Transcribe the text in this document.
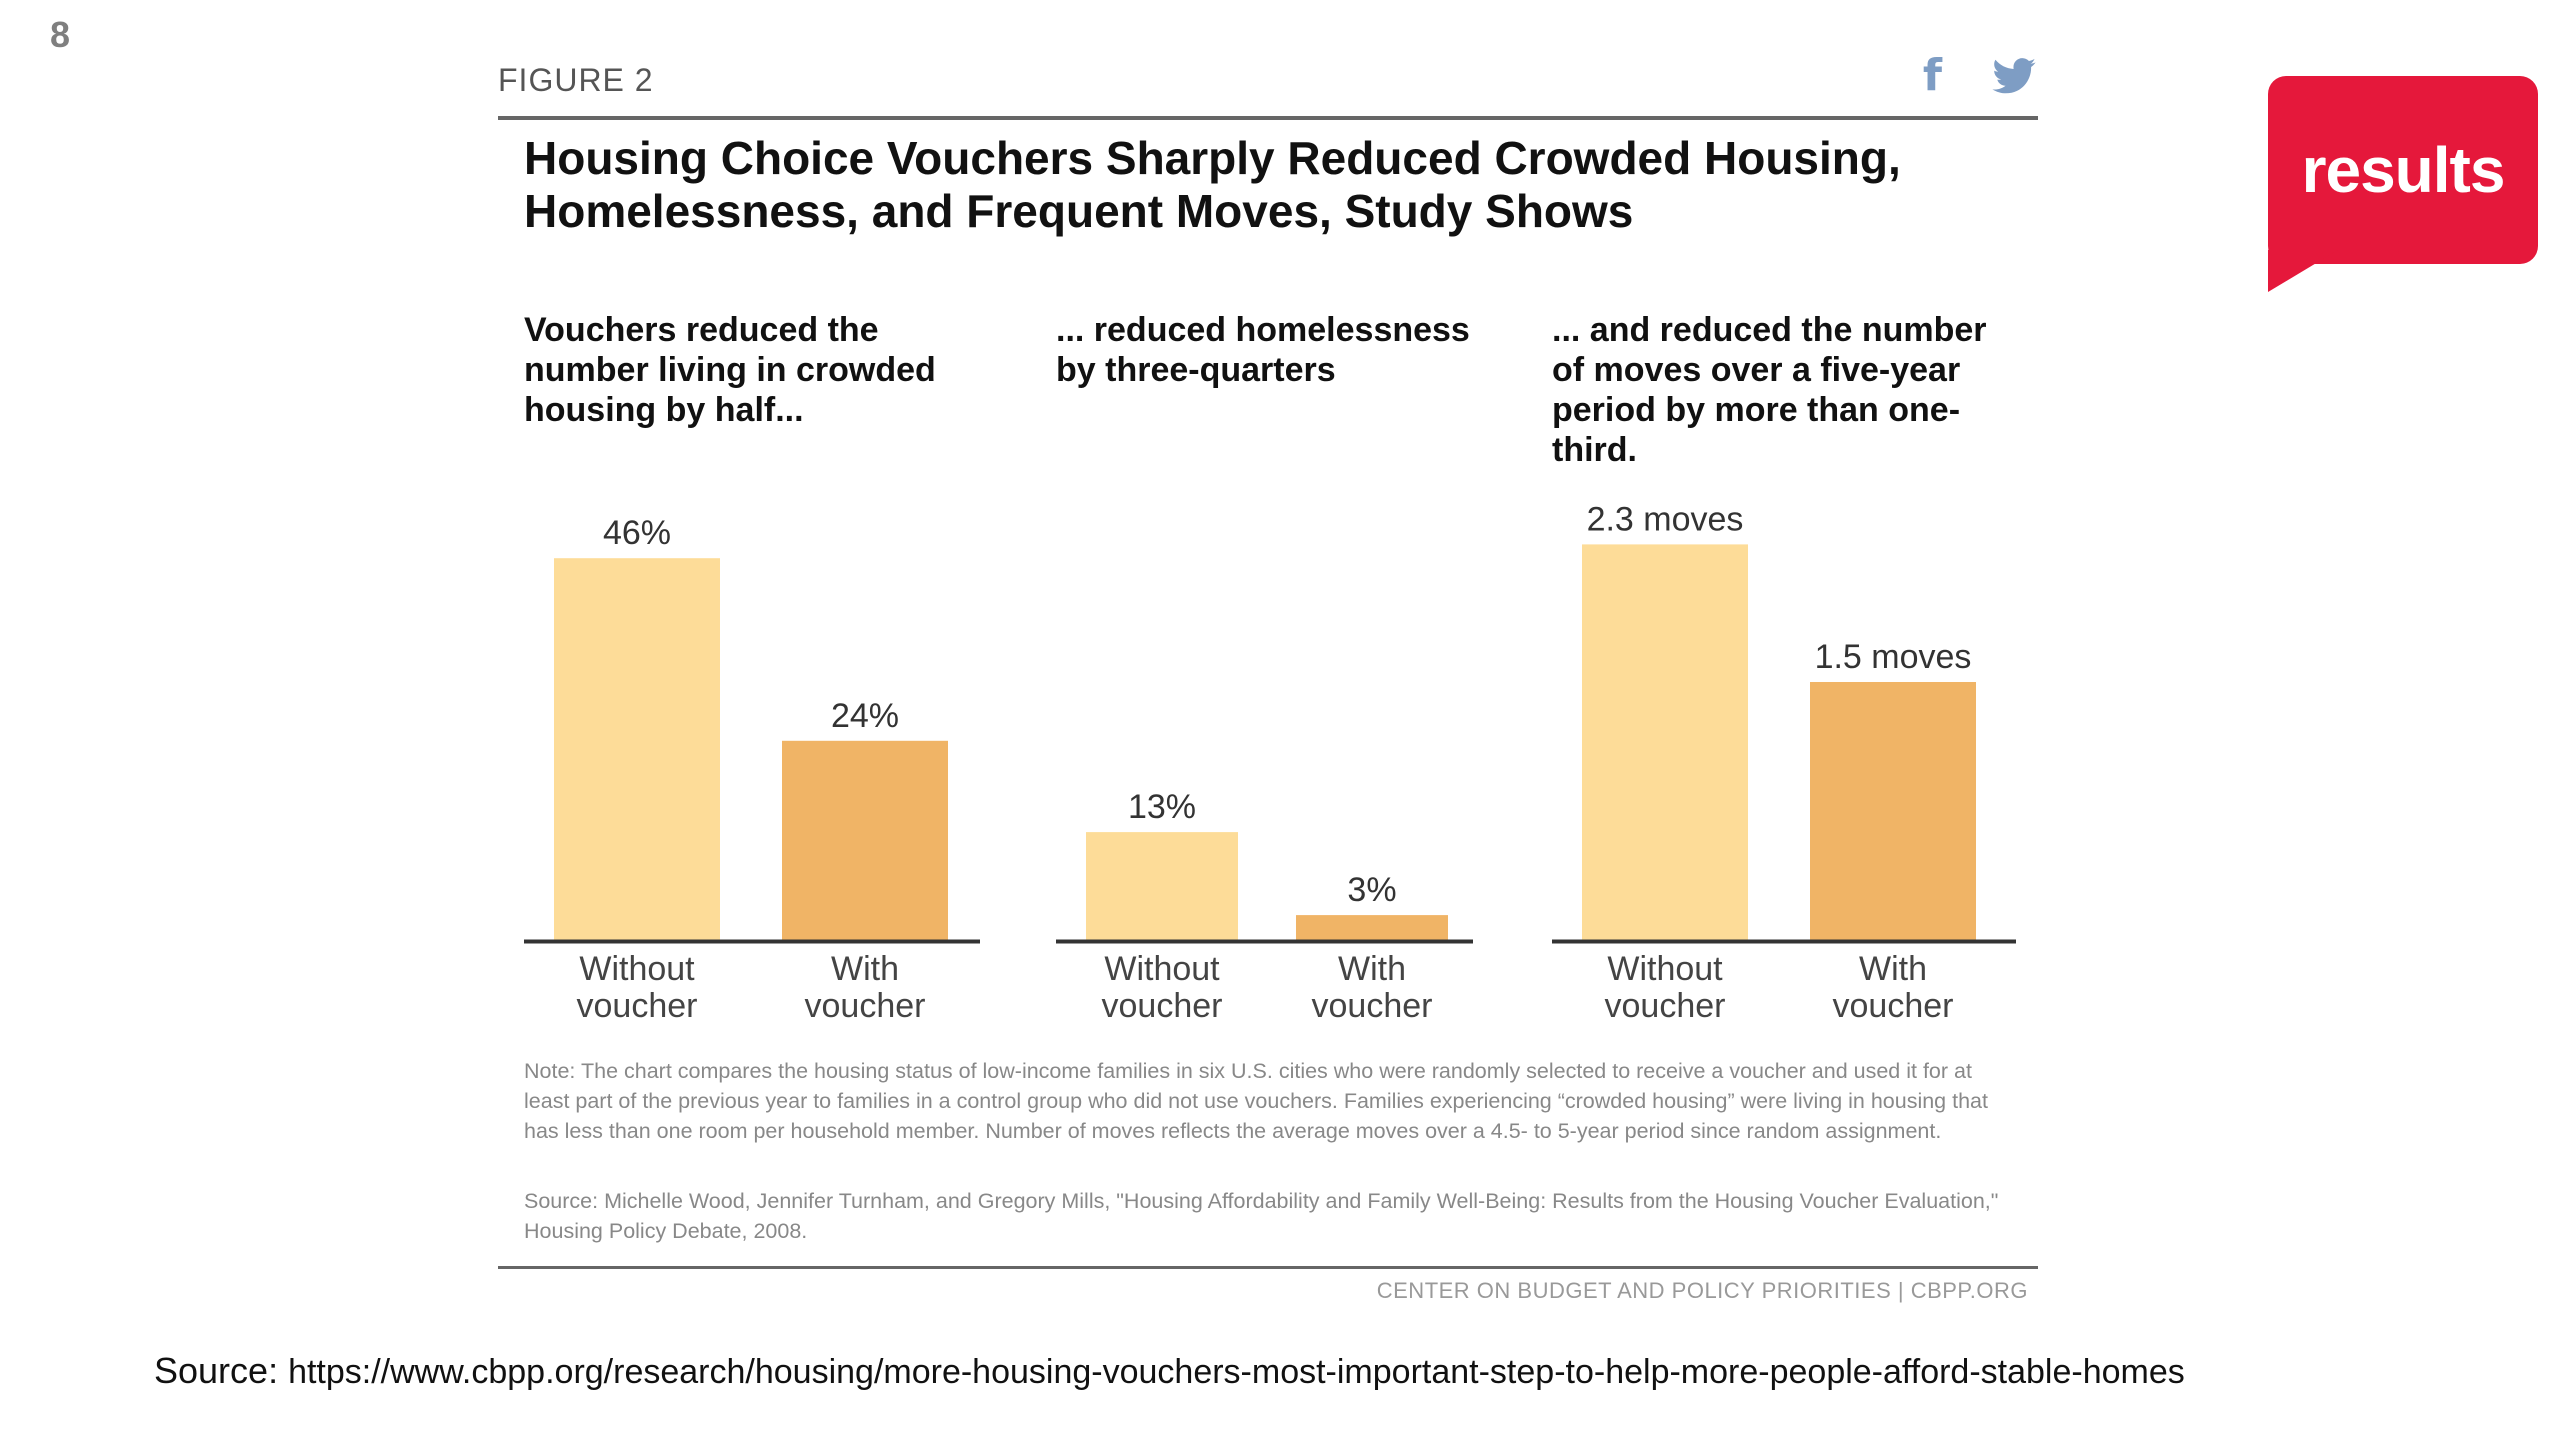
8
results
FIGURE 2	f
Housing Choice Vouchers Sharply Reduced Crowded Housing, Homelessness, and Frequent Moves, Study Shows
Vouchers reduced the number living in crowded housing by half...
... reduced homelessness by three-quarters
... and reduced the number of moves over a five-year period by more than one-third.
46%
Without voucher
24%
With voucher
13%
Without voucher
3%
With voucher
2.3 moves
Without voucher
1.5 moves
With voucher
Note: The chart compares the housing status of low-income families in six U.S. cities who were randomly selected to receive a voucher and used it for at least part of the previous year to families in a control group who did not use vouchers. Families experiencing “crowded housing” were living in housing that has less than one room per household member. Number of moves reflects the average moves over a 4.5- to 5-year period since random assignment.
Source: Michelle Wood, Jennifer Turnham, and Gregory Mills, "Housing Affordability and Family Well-Being: Results from the Housing Voucher Evaluation," Housing Policy Debate, 2008.
CENTER ON BUDGET AND POLICY PRIORITIES | CBPP.ORG
Source: https://www.cbpp.org/research/housing/more-housing-vouchers-most-important-step-to-help-more-people-afford-stable-homes
